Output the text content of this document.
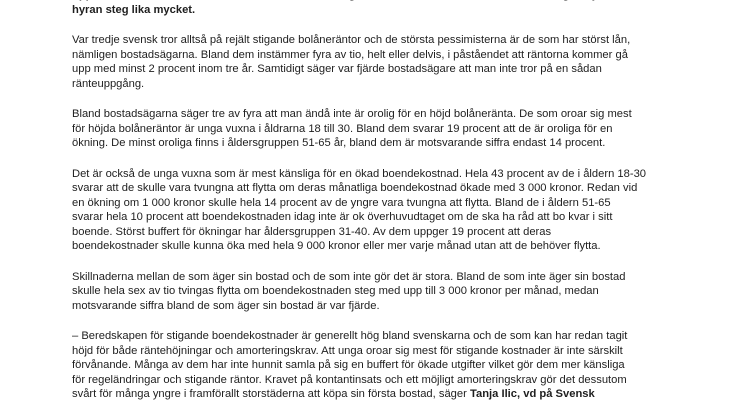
hyran steg lika mycket.

Var tredje svensk tror alltså på rejält stigande bolåneräntor och de största pessimisterna är de som har störst lån,
nämligen bostadsägarna. Bland dem instämmer fyra av tio, helt eller delvis, i påståendet att räntorna kommer gå
upp med minst 2 procent inom tre år. Samtidigt säger var fjärde bostadsägare att man inte tror på en sådan
ränteuppgång.

Bland bostadsägarna säger tre av fyra att man ändå inte är orolig för en höjd bolåneränta. De som oroar sig mest
för höjda bolåneräntor är unga vuxna i åldrarna 18 till 30. Bland dem svarar 19 procent att de är oroliga för en
ökning. De minst oroliga finns i åldersgruppen 51-65 år, bland dem är motsvarande siffra endast 14 procent.

Det är också de unga vuxna som är mest känsliga för en ökad boendekostnad. Hela 43 procent av de i åldern 18-30
svarar att de skulle vara tvungna att flytta om deras månatliga boendekostnad ökade med 3 000 kronor. Redan vid
en ökning om 1 000 kronor skulle hela 14 procent av de yngre vara tvungna att flytta. Bland de i åldern 51-65
svarar hela 10 procent att boendekostnaden idag inte är ok överhuvudtaget om de ska ha råd att bo kvar i sitt
boende. Störst buffert för ökningar har åldersgruppen 31-40. Av dem uppger 19 procent att deras
boendekostnader skulle kunna öka med hela 9 000 kronor eller mer varje månad utan att de behöver flytta.

Skillnaderna mellan de som äger sin bostad och de som inte gör det är stora. Bland de som inte äger sin bostad
skulle hela sex av tio tvingas flytta om boendekostnaden steg med upp till 3 000 kronor per månad, medan
motsvarande siffra bland de som äger sin bostad är var fjärde.

– Beredskapen för stigande boendekostnader är generellt hög bland svenskarna och de som kan har redan tagit
höjd för både räntehöjningar och amorteringskrav. Att unga oroar sig mest för stigande kostnader är inte särskilt
förvånande. Många av dem har inte hunnit samla på sig en buffert för ökade utgifter vilket gör dem mer känsliga
för regeländringar och stigande räntor. Kravet på kontantinsats och ett möjligt amorteringskrav gör det dessutom
svårt för många yngre i framförallt storstäderna att köpa sin första bostad, säger Tanja Ilic, vd på Svensk
